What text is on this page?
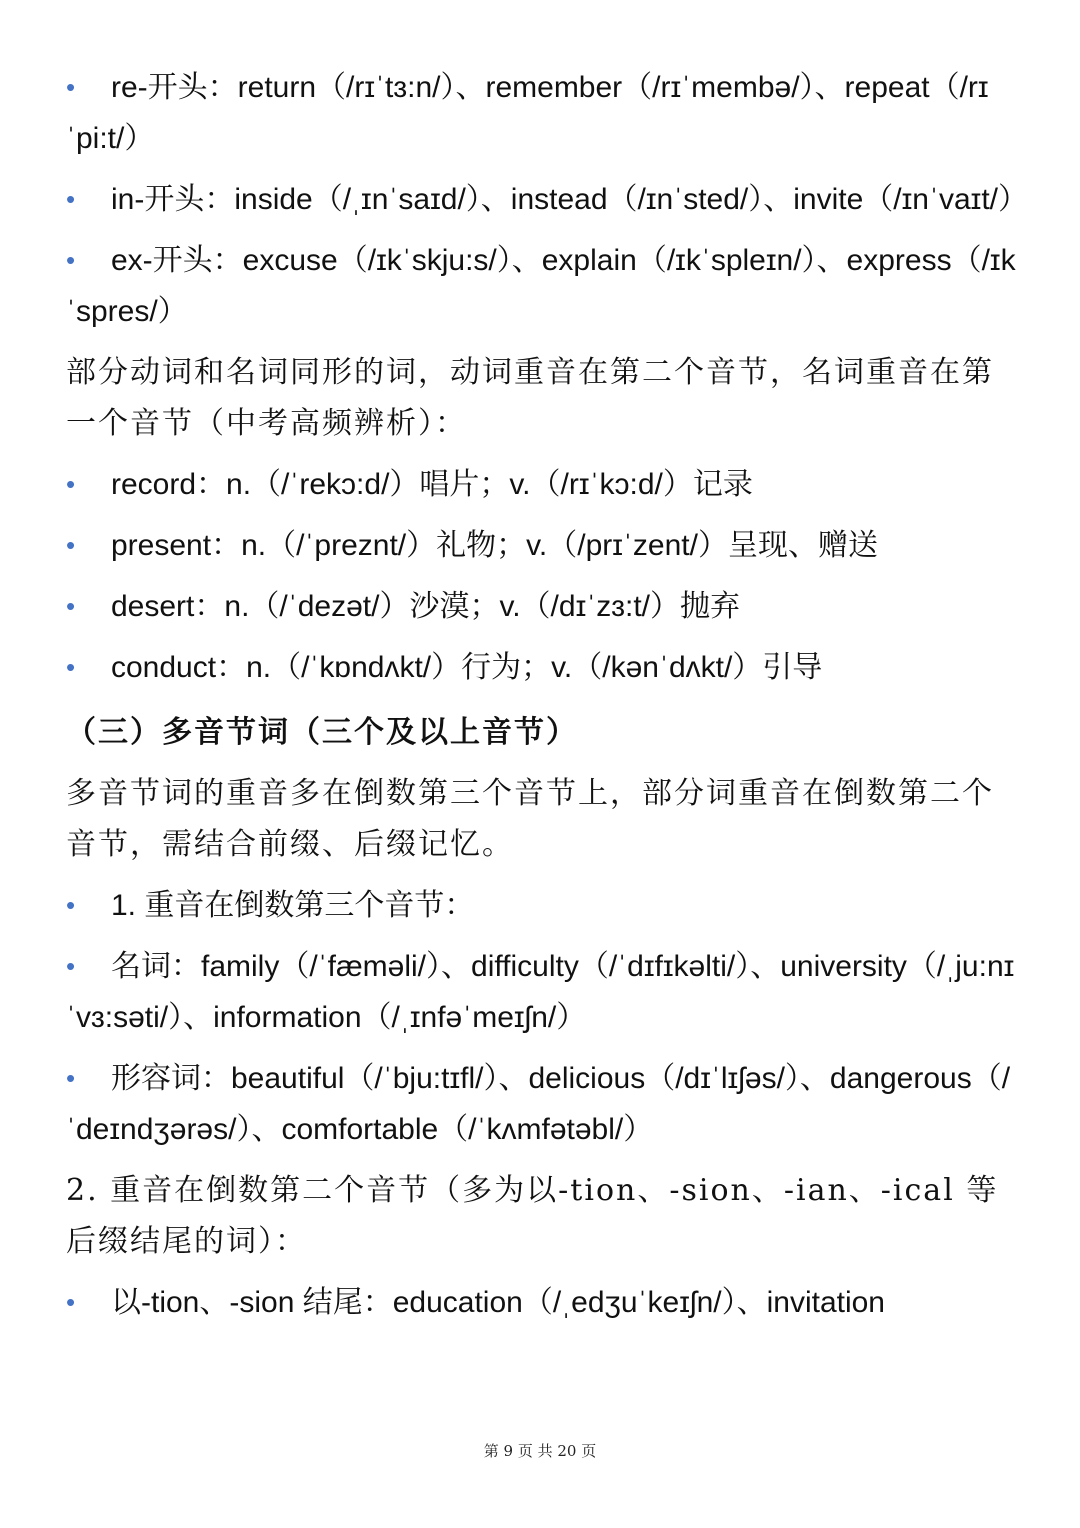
• re-开头：return（/rɪˈtɜ:n/）、remember（/rɪˈmembə/）、repeat（/rɪˈpi:t/）
• in-开头：inside（/ˌɪnˈsaɪd/）、instead（/ɪnˈsted/）、invite（/ɪnˈvaɪt/）
• ex-开头：excuse（/ɪkˈskju:s/）、explain（/ɪkˈspleɪn/）、express（/ɪkˈspres/）
部分动词和名词同形的词，动词重音在第二个音节，名词重音在第一个音节（中考高频辨析）：
• record：n.（/ˈrekɔ:d/）唱片；v.（/rɪˈkɔ:d/）记录
• present：n.（/ˈpreznt/）礼物；v.（/prɪˈzent/）呈现、赠送
• desert：n.（/ˈdezət/）沙漠；v.（/dɪˈzɜ:t/）抛弃
• conduct：n.（/ˈkɒndʌkt/）行为；v.（/kənˈdʌkt/）引导
（三）多音节词（三个及以上音节）
多音节词的重音多在倒数第三个音节上，部分词重音在倒数第二个音节，需结合前缀、后缀记忆。
• 1. 重音在倒数第三个音节：
• 名词：family（/ˈfæməli/）、difficulty（/ˈdɪfɪkəlti/）、university（/ˌju:nɪˈvɜ:səti/）、information（/ˌɪnfəˈmeɪʃn/）
• 形容词：beautiful（/ˈbju:tɪfl/）、delicious（/dɪˈlɪʃəs/）、dangerous（/ˈdeɪndʒərəs/）、comfortable（/ˈkʌmfətəbl/）
2. 重音在倒数第二个音节（多为以-tion、-sion、-ian、-ical 等后缀结尾的词）：
• 以-tion、-sion 结尾：education（/ˌedʒuˈkeɪʃn/）、invitation
第 9 页 共 20 页
